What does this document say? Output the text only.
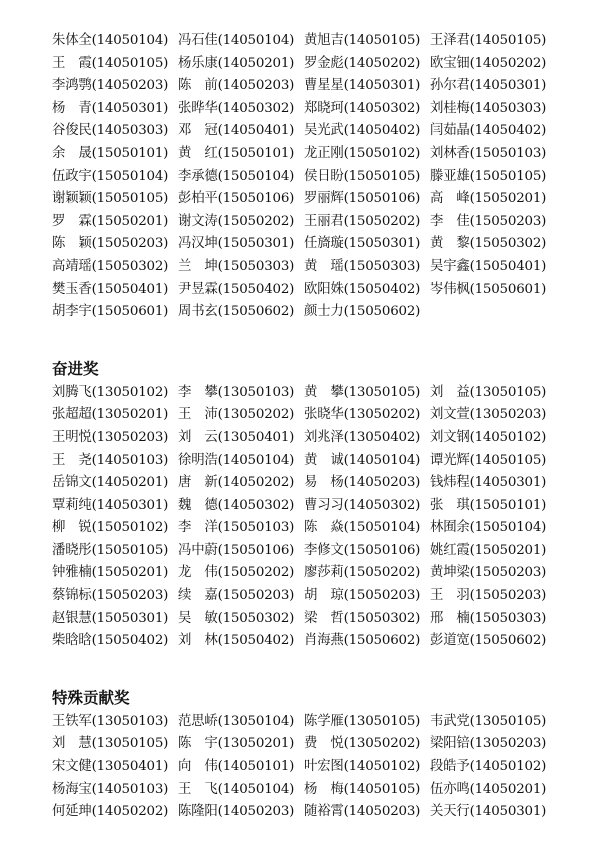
朱体全(14050104) 冯石佳(14050104) 黄旭吉(14050105) 王泽君(14050105)
王　霞(14050105) 杨乐康(14050201) 罗金彪(14050202) 欧宝钿(14050202)
李鸿鹗(14050203) 陈　前(14050203) 曹星星(14050301) 孙尔君(14050301)
杨　青(14050301) 张晔华(14050302) 郑晓珂(14050302) 刘桂梅(14050303)
谷俊民(14050303) 邓　冠(14050401) 吴光武(14050402) 闫茹晶(14050402)
余　晟(15050101) 黄　红(15050101) 龙正刚(15050102) 刘林香(15050103)
伍政宇(15050104) 李承德(15050104) 侯日盼(15050105) 滕亚雄(15050105)
谢颖颖(15050105) 彭柏平(15050106) 罗丽辉(15050106) 高　峰(15050201)
罗　霖(15050201) 谢文涛(15050202) 王丽君(15050202) 李　佳(15050203)
陈　颖(15050203) 冯汉坤(15050301) 任旖璇(15050301) 黄　黎(15050302)
高靖瑶(15050302) 兰　坤(15050303) 黄　瑶(15050303) 吴宇鑫(15050401)
樊玉香(15050401) 尹昱霖(15050402) 欧阳姝(15050402) 岑伟枫(15050601)
胡李宇(15050601) 周书玄(15050602) 颜士力(15050602)
奋进奖
刘腾飞(13050102) 李　攀(13050103) 黄　攀(13050105) 刘　益(13050105)
张超超(13050201) 王　沛(13050202) 张晓华(13050202) 刘文萱(13050203)
王明悦(13050203) 刘　云(13050401) 刘兆泽(13050402) 刘文钢(14050102)
王　尧(14050103) 徐明浩(14050104) 黄　诚(14050104) 谭光辉(14050105)
岳锦文(14050201) 唐　新(14050202) 易　杨(14050203) 钱炜程(14050301)
覃莉纯(14050301) 魏　德(14050302) 曹习习(14050302) 张　琪(15050101)
柳　锐(15050102) 李　洋(15050103) 陈　焱(15050104) 林囿余(15050104)
潘晓彤(15050105) 冯中蔚(15050106) 李修文(15050106) 姚红霞(15050201)
钟雅楠(15050201) 龙　伟(15050202) 廖莎莉(15050202) 黄坤梁(15050203)
蔡锦标(15050203) 续　嘉(15050203) 胡　琼(15050203) 王　羽(15050203)
赵银慧(15050301) 吴　敏(15050302) 梁　哲(15050302) 邢　楠(15050303)
柴晗晗(15050402) 刘　林(15050402) 肖海燕(15050602) 彭道宽(15050602)
特殊贡献奖
王铁军(13050103) 范思峤(13050104) 陈学雁(13050105) 韦武党(13050105)
刘　慧(13050105) 陈　宇(13050201) 费　悦(13050202) 梁阳锫(13050203)
宋文健(13050401) 向　伟(14050101) 叶宏图(14050102) 段皓予(14050102)
杨海宝(14050103) 王　飞(14050104) 杨　梅(14050105) 伍亦鸣(14050201)
何延珅(14050202) 陈隆阳(14050203) 随裕霄(14050203) 关天行(14050301)
